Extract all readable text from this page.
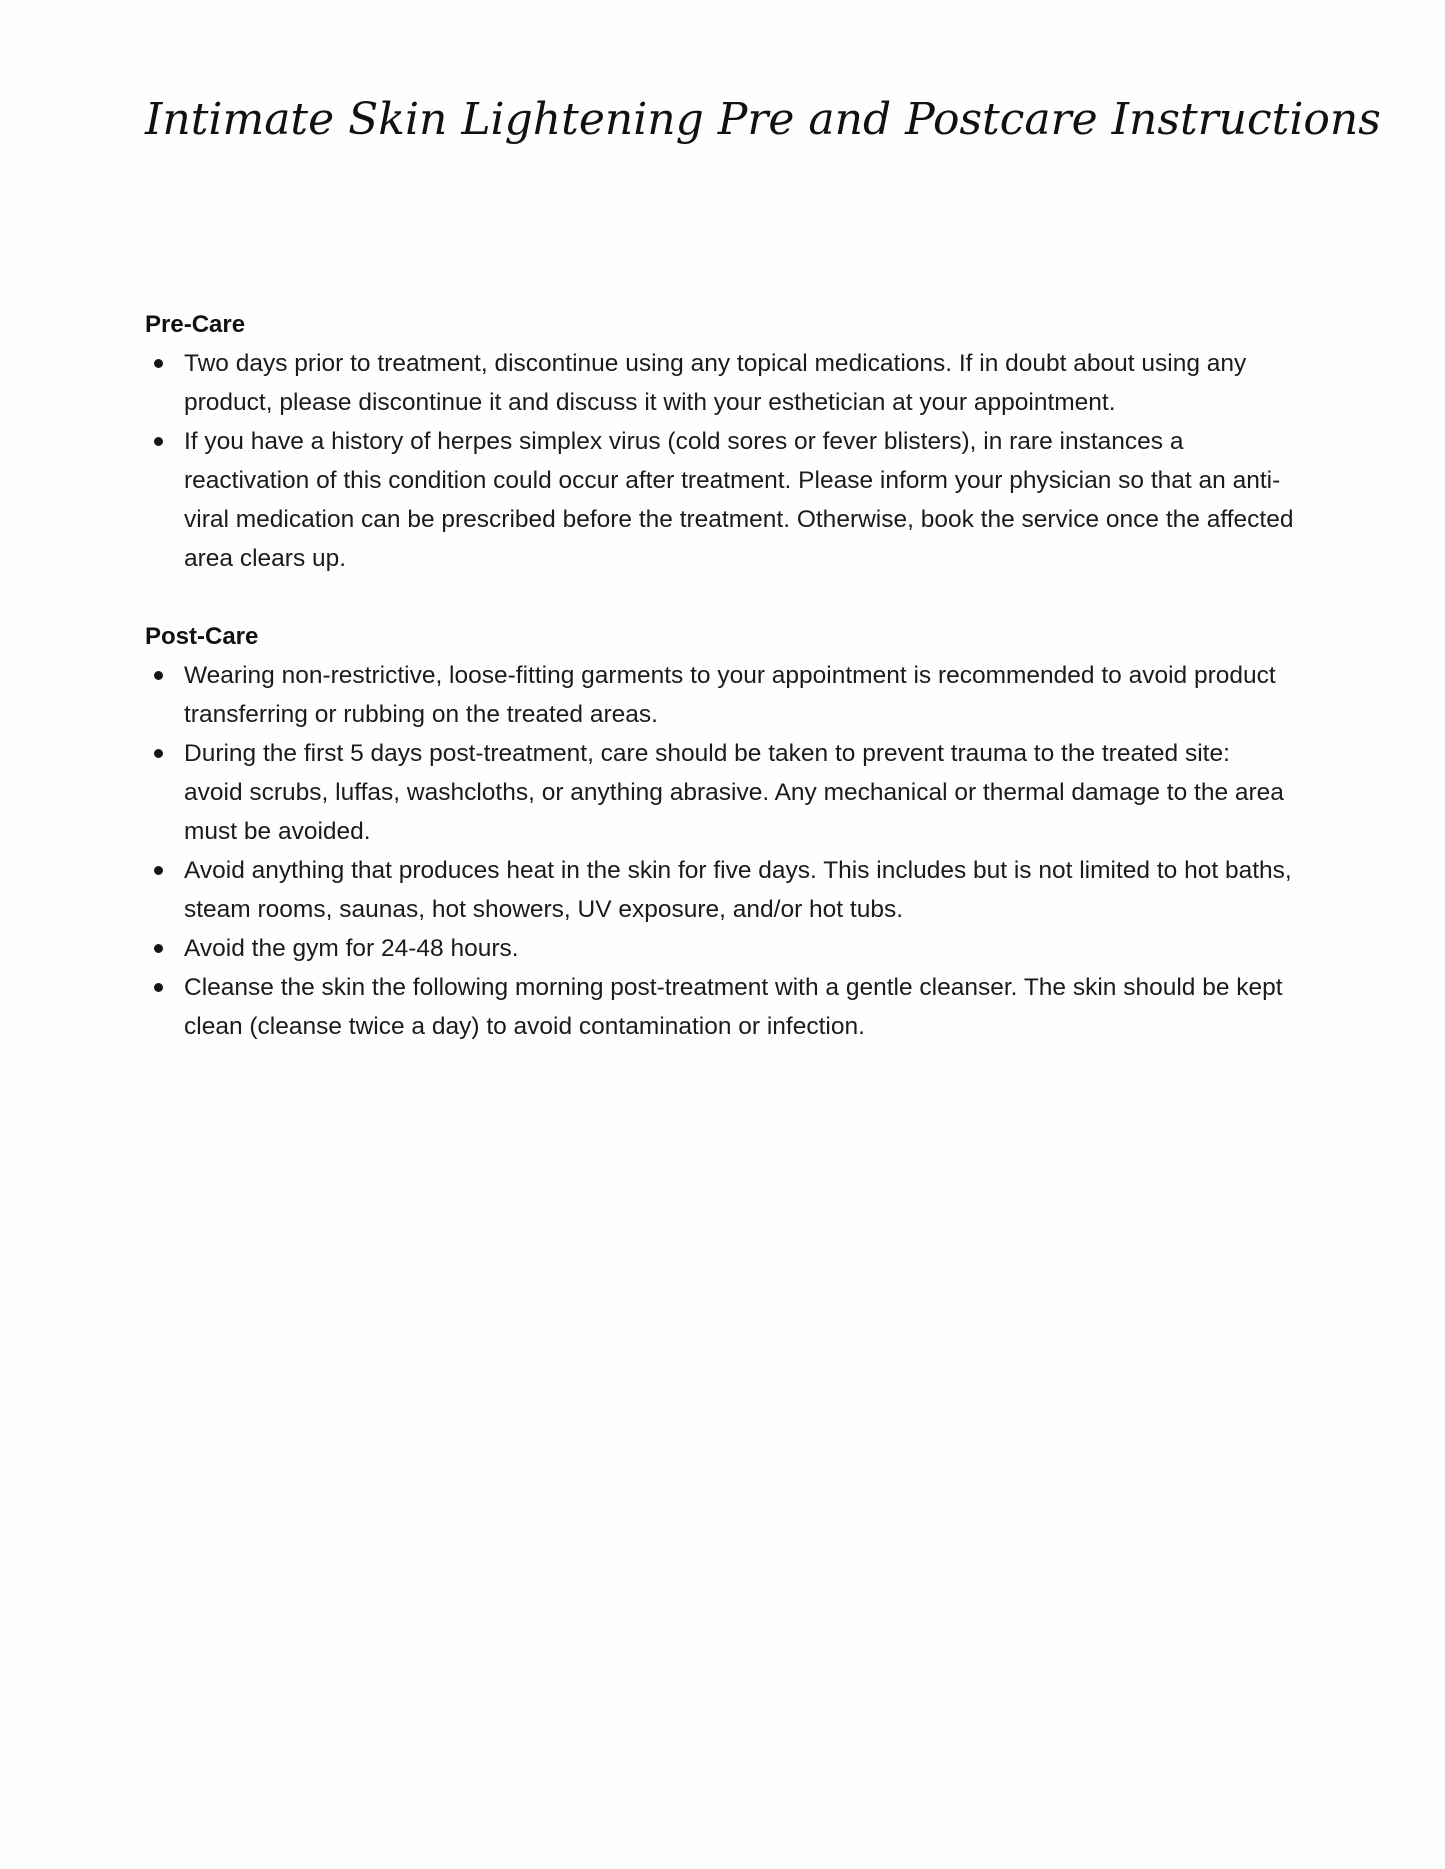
Intimate Skin Lightening Pre and Postcare Instructions
Pre-Care
Two days prior to treatment, discontinue using any topical medications. If in doubt about using any product, please discontinue it and discuss it with your esthetician at your appointment.
If you have a history of herpes simplex virus (cold sores or fever blisters), in rare instances a reactivation of this condition could occur after treatment. Please inform your physician so that an anti-viral medication can be prescribed before the treatment. Otherwise, book the service once the affected area clears up.
Post-Care
Wearing non-restrictive, loose-fitting garments to your appointment is recommended to avoid product transferring or rubbing on the treated areas.
During the first 5 days post-treatment, care should be taken to prevent trauma to the treated site: avoid scrubs, luffas, washcloths, or anything abrasive. Any mechanical or thermal damage to the area must be avoided.
Avoid anything that produces heat in the skin for five days. This includes but is not limited to hot baths, steam rooms, saunas, hot showers, UV exposure, and/or hot tubs.
Avoid the gym for 24-48 hours.
Cleanse the skin the following morning post-treatment with a gentle cleanser. The skin should be kept clean (cleanse twice a day) to avoid contamination or infection.
